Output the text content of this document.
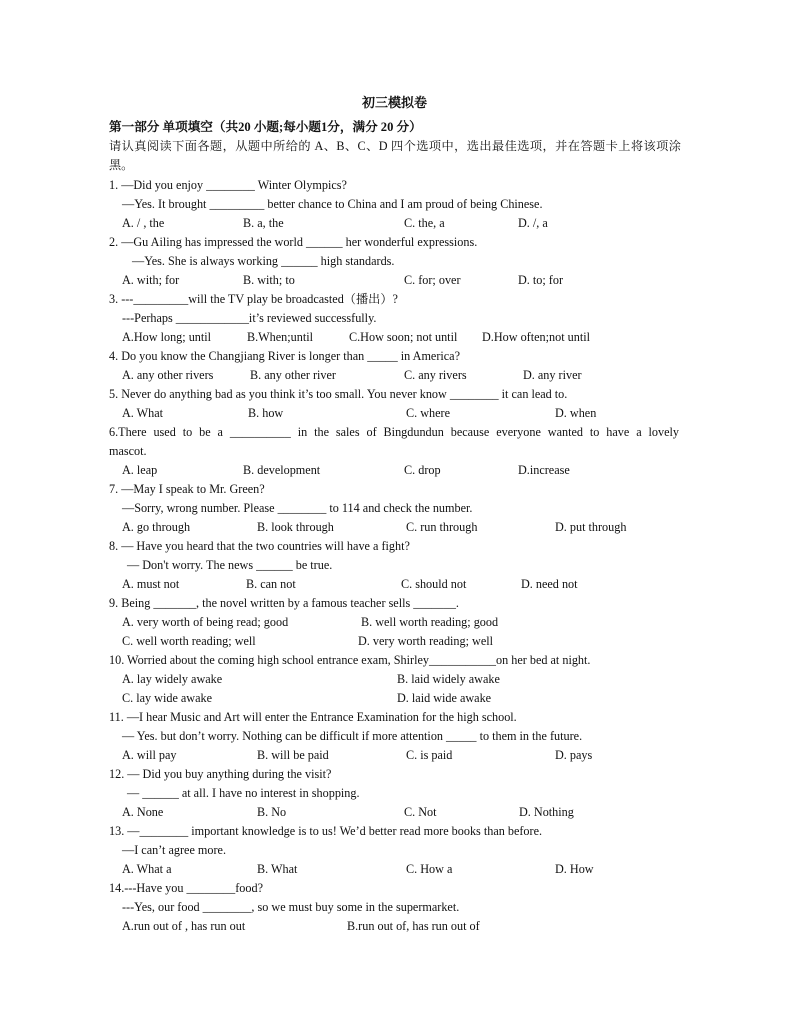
初三模拟卷
第一部分 单项填空（共20 小题;每小题1分，满分 20 分）
请认真阅读下面各题，从题中所给的 A、B、C、D 四个选项中，选出最佳选项，并在答题卡上将该项涂
黑。
1. —Did you enjoy ________ Winter Olympics?
—Yes. It brought _________ better chance to China and I am proud of being Chinese.
A. / , the	B. a, the	C. the, a	D. /, a
2. —Gu Ailing has impressed the world ______ her wonderful expressions.
—Yes. She is always working ______ high standards.
A. with; for	B. with; to	C. for; over	D. to; for
3. ---_________will the TV play be broadcasted（播出）?
---Perhaps ____________it’s reviewed successfully.
A.How long; until	B.When;until	C.How soon; not until D.How often;not until
4. Do you know the Changjiang River is longer than _____ in America?
A. any other rivers	B. any other river	C. any rivers	D. any river
5. Never do anything bad as you think it’s too small. You never know ________ it can lead to.
A. What	B. how	C. where	D. when
6.There used to be a __________ in the sales of Bingdundun because everyone wanted to have a lovely
mascot.
A. leap	B. development	C. drop	D.increase
7. —May I speak to Mr. Green?
—Sorry, wrong number. Please ________ to 114 and check the number.
A. go through	B. look through	C. run through	D. put through
8. — Have you heard that the two countries will have a fight?
— Don't worry. The news ______ be true.
A. must not	B. can not	C. should not	D. need not
9. Being _______, the novel written by a famous teacher sells _______.
A. very worth of being read; good	B. well worth reading; good
C. well worth reading; well	D. very worth reading; well
10. Worried about the coming high school entrance exam, Shirley___________on her bed at night.
A. lay widely awake	B. laid widely awake
C. lay wide awake	D. laid wide awake
11. —I hear Music and Art will enter the Entrance Examination for the high school.
— Yes. but don’t worry. Nothing can be difficult if more attention _____ to them in the future.
A. will pay	B. will be paid	C. is paid	D. pays
12. — Did you buy anything during the visit?
— ______ at all. I have no interest in shopping.
A. None	B. No	C. Not	D. Nothing
13. —________ important knowledge is to us! We’d better read more books than before.
—I can’t agree more.
A. What a	B. What	C. How a	D. How
14.---Have you ________food?
---Yes, our food ________, so we must buy some in the supermarket.
A.run out of , has run out	B.run out of, has run out of
